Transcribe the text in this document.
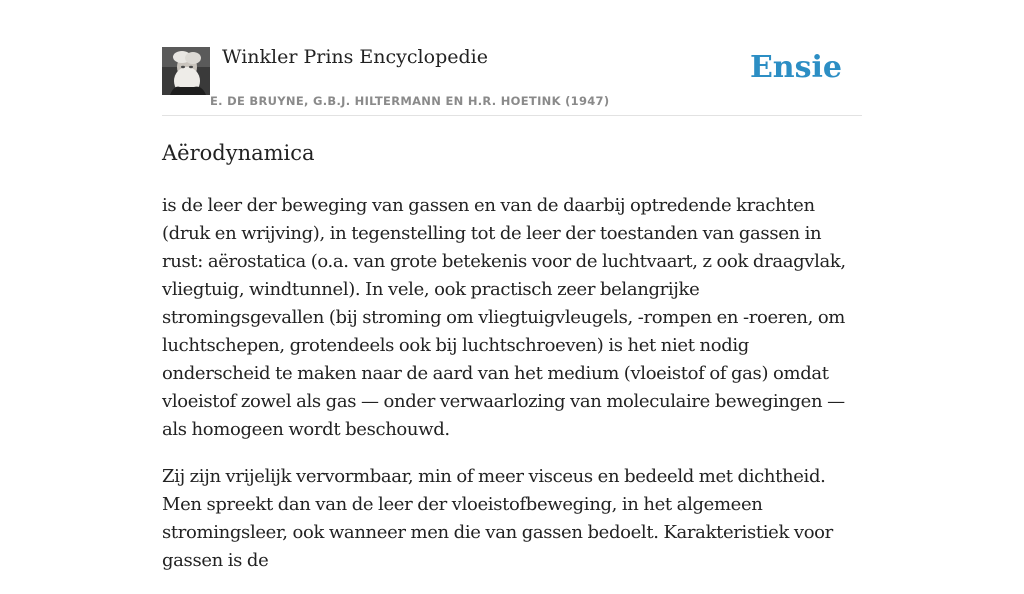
Winkler Prins Encyclopedie
E. DE BRUYNE, G.B.J. HILTERMANN EN H.R. HOETINK (1947)
Ensie
Aërodynamica

is de leer der beweging van gassen en van de daarbij optredende krachten (druk en wrijving), in tegenstelling tot de leer der toestanden van gassen in rust: aërostatica (o.a. van grote betekenis voor de luchtvaart, z ook draagvlak, vliegtuig, windtunnel). In vele, ook practisch zeer belangrijke stromingsgevallen (bij stroming om vliegtuigvleugels, -rompen en -roeren, om luchtschepen, grotendeels ook bij luchtschroeven) is het niet nodig onderscheid te maken naar de aard van het medium (vloeistof of gas) omdat vloeistof zowel als gas — onder verwaarlozing van moleculaire bewegingen — als homogeen wordt beschouwd.

Zij zijn vrijelijk vervormbaar, min of meer visceus en bedeeld met dichtheid. Men spreekt dan van de leer der vloeistofbeweging, in het algemeen stromingsleer, ook wanneer men die van gassen bedoelt. Karakteristiek voor gassen is de
